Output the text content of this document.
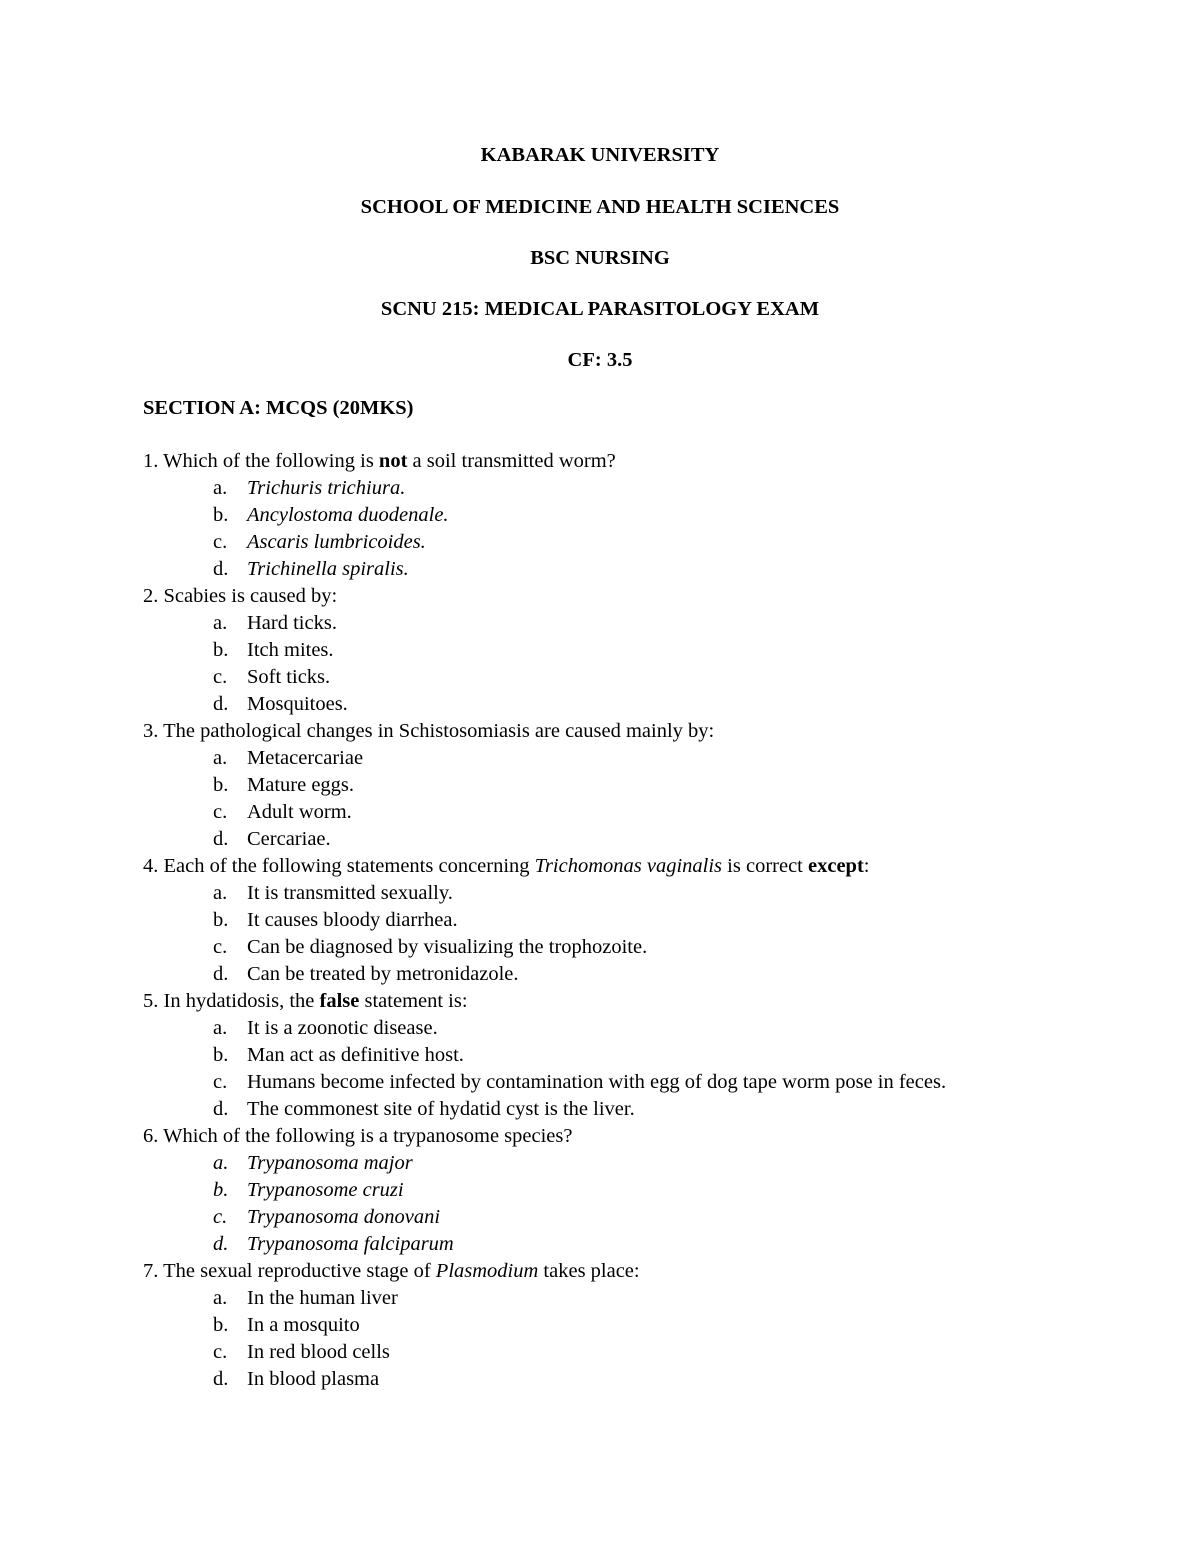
KABARAK UNIVERSITY
SCHOOL OF MEDICINE AND HEALTH SCIENCES
BSC NURSING
SCNU 215: MEDICAL PARASITOLOGY EXAM
CF: 3.5
SECTION A: MCQS (20MKS)
1. Which of the following is not a soil transmitted worm?
a. Trichuris trichiura.
b. Ancylostoma duodenale.
c. Ascaris lumbricoides.
d. Trichinella spiralis.
2. Scabies is caused by:
a. Hard ticks.
b. Itch mites.
c. Soft ticks.
d. Mosquitoes.
3. The pathological changes in Schistosomiasis are caused mainly by:
a. Metacercariae
b. Mature eggs.
c. Adult worm.
d. Cercariae.
4. Each of the following statements concerning Trichomonas vaginalis is correct except:
a. It is transmitted sexually.
b. It causes bloody diarrhea.
c. Can be diagnosed by visualizing the trophozoite.
d. Can be treated by metronidazole.
5. In hydatidosis, the false statement is:
a. It is a zoonotic disease.
b. Man act as definitive host.
c. Humans become infected by contamination with egg of dog tape worm pose in feces.
d. The commonest site of hydatid cyst is the liver.
6. Which of the following is a trypanosome species?
a. Trypanosoma major
b. Trypanosome cruzi
c. Trypanosoma donovani
d. Trypanosoma falciparum
7. The sexual reproductive stage of Plasmodium takes place:
a. In the human liver
b. In a mosquito
c. In red blood cells
d. In blood plasma
